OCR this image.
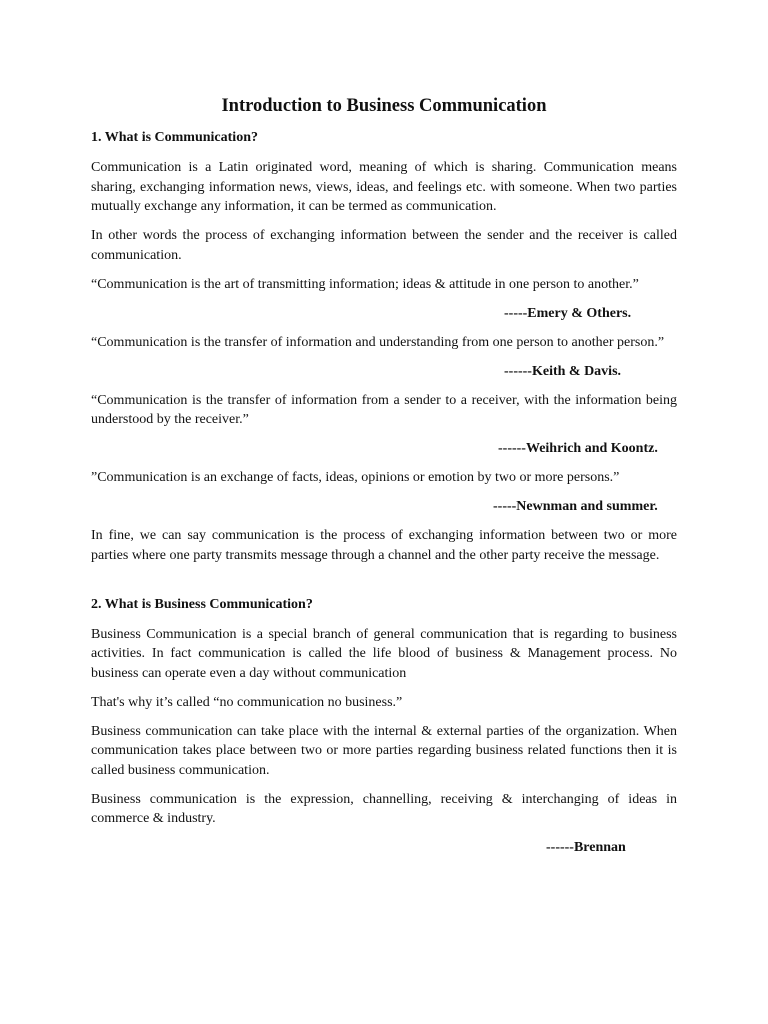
Introduction to Business Communication
1. What is Communication?

Communication is a Latin originated word, meaning of which is sharing. Communication means sharing, exchanging information news, views, ideas, and feelings etc. with someone. When two parties mutually exchange any information, it can be termed as communication.

In other words the process of exchanging information between the sender and the receiver is called communication.

“Communication is the art of transmitting information; ideas & attitude in one person to another.”

-----Emery & Others.

“Communication is the transfer of information and understanding from one person to another person.”

------Keith & Davis.

“Communication is the transfer of information from a sender to a receiver, with the information being understood by the receiver.”

------Weihrich and Koontz.

”Communication is an exchange of facts, ideas, opinions or emotion by two or more persons.”

-----Newnman and summer.

In fine, we can say communication is the process of exchanging information between two or more parties where one party transmits message through a channel and the other party receive the message.

2. What is Business Communication?

Business Communication is a special branch of general communication that is regarding to business activities. In fact communication is called the life blood of business & Management process. No business can operate even a day without communication

That's why it’s called “no communication no business.”

Business communication can take place with the internal & external parties of the organization. When communication takes place between two or more parties regarding business related functions then it is called business communication.

Business communication is the expression, channelling, receiving & interchanging of ideas in commerce & industry.

------Brennan
